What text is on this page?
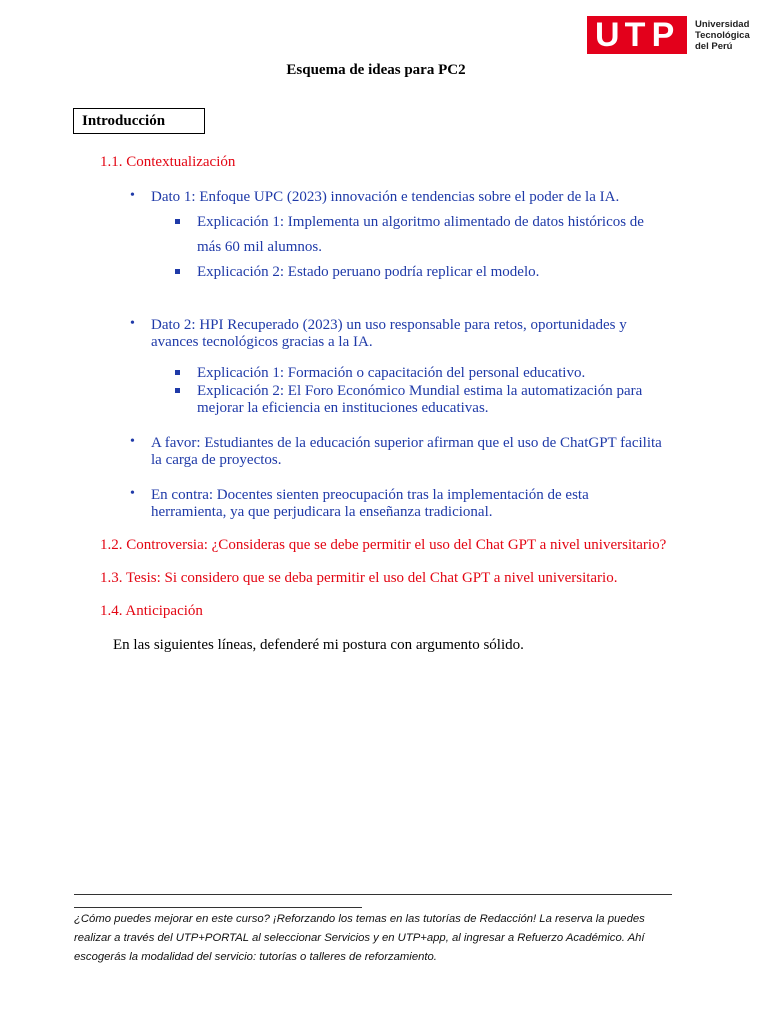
U T P Universidad
Tecnológica
del Perú
Esquema de ideas para PC2
Introducción
1.1. Contextualización
• Dato 1: Enfoque UPC (2023) innovación e tendencias sobre el poder de la IA.
Explicación 1: Implementa un algoritmo alimentado de datos históricos de
más 60 mil alumnos.
Explicación 2: Estado peruano podría replicar el modelo.
• Dato 2: HPI Recuperado (2023) un uso responsable para retos, oportunidades y
avances tecnológicos gracias a la IA.
Explicación 1: Formación o capacitación del personal educativo.
Explicación 2: El Foro Económico Mundial estima la automatización para
mejorar la eficiencia en instituciones educativas.
• A favor: Estudiantes de la educación superior afirman que el uso de ChatGPT facilita
la carga de proyectos.
• En contra: Docentes sienten preocupación tras la implementación de esta
herramienta, ya que perjudicara la enseñanza tradicional.
1.2. Controversia: ¿Consideras que se debe permitir el uso del Chat GPT a nivel universitario?
1.3. Tesis: Si considero que se deba permitir el uso del Chat GPT a nivel universitario.
1.4. Anticipación
En las siguientes líneas, defenderé mi postura con argumento sólido.
¿Cómo puedes mejorar en este curso? ¡Reforzando los temas en las tutorías de Redacción! La reserva la puedes
realizar a través del UTP+PORTAL al seleccionar Servicios y en UTP+app, al ingresar a Refuerzo Académico. Ahí
escogerás la modalidad del servicio: tutorías o talleres de reforzamiento.
